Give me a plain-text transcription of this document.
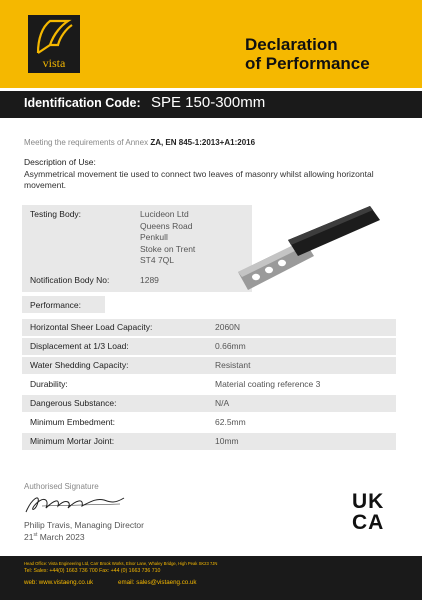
vista
Declaration
of Performance
Identification Code: SPE 150-300mm
Meeting the requirements of Annex ZA, EN 845-1:2013+A1:2016
Description of Use:
Asymmetrical movement tie used to connect two leaves of masonry whilst allowing horizontal movement.
Testing Body:	Lucideon Ltd
Queens Road
Penkull
Stoke on Trent
ST4 7QL
Notification Body No:	1289
Performance:
Horizontal Sheer Load Capacity:	2060N
Displacement at 1/3 Load:	0.66mm
Water Shedding Capacity:	Resistant
Durability:	Material coating reference 3
Dangerous Substance:	N/A
Minimum Embedment:	62.5mm
Minimum Mortar Joint:	10mm
Authorised Signature
Philip Travis, Managing Director
21st March 2023
UK
CA
Head Office: Vista Engineering Ltd, Carr Brook Works, Elnor Lane, Whaley Bridge, High Peak SK23 7JN
Tel: Sales: +44(0) 1663 736 700 Fax: +44 (0) 1663 736 710
web: www.vistaeng.co.uk	email: sales@vistaeng.co.uk
